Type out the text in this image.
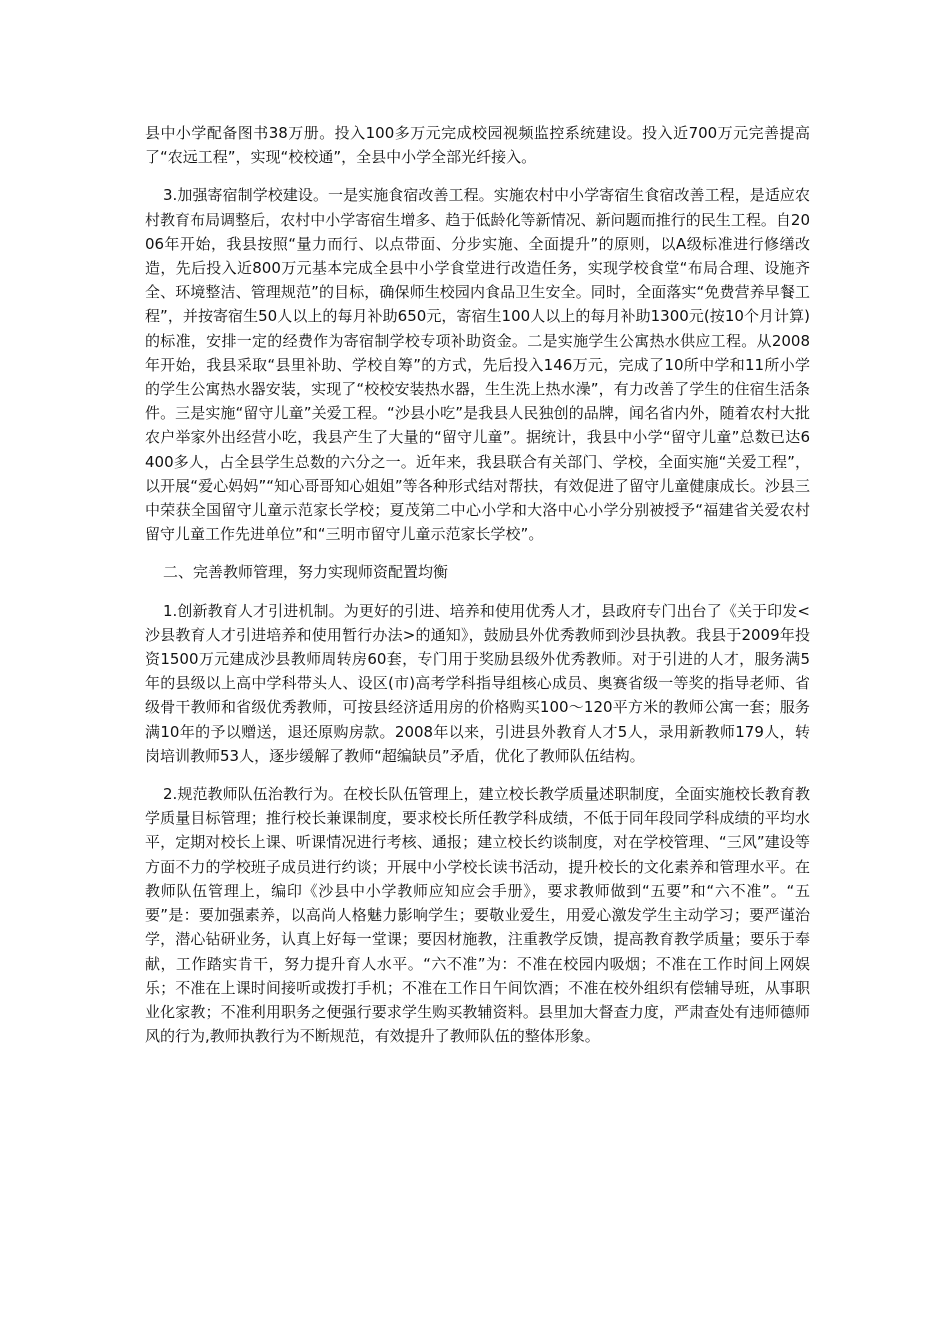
县中小学配备图书38万册。投入100多万元完成校园视频监控系统建设。投入近700万元完善提高了“农远工程”，实现“校校通”，全县中小学全部光纤接入。

3.加强寄宿制学校建设。一是实施食宿改善工程。实施农村中小学寄宿生食宿改善工程，是适应农村教育布局调整后，农村中小学寄宿生增多、趋于低龄化等新情况、新问题而推行的民生工程。自2006年开始，我县按照“量力而行、以点带面、分步实施、全面提升”的原则，以A级标准进行修缮改造，先后投入近800万元基本完成全县中小学食堂进行改造任务，实现学校食堂“布局合理、设施齐全、环境整洁、管理规范”的目标，确保师生校园内食品卫生安全。同时，全面落实“免费营养早餐工程”，并按寄宿生50人以上的每月补助650元，寄宿生100人以上的每月补助1300元(按10个月计算)的标准，安排一定的经费作为寄宿制学校专项补助资金。二是实施学生公寓热水供应工程。从2008年开始，我县采取“县里补助、学校自筹”的方式，先后投入146万元，完成了10所中学和11所小学的学生公寓热水器安装，实现了“校校安装热水器，生生洗上热水澡”，有力改善了学生的住宿生活条件。三是实施“留守儿童”关爱工程。“沙县小吃”是我县人民独创的品牌，闻名省内外，随着农村大批农户举家外出经营小吃，我县产生了大量的“留守儿童”。据统计，我县中小学“留守儿童”总数已达6400多人，占全县学生总数的六分之一。近年来，我县联合有关部门、学校，全面实施“关爱工程”，以开展“爱心妈妈”“知心哥哥知心姐姐”等各种形式结对帮扶，有效促进了留守儿童健康成长。沙县三中荣获全国留守儿童示范家长学校；夏茂第二中心小学和大洛中心小学分别被授予“福建省关爱农村留守儿童工作先进单位”和“三明市留守儿童示范家长学校”。

二、完善教师管理，努力实现师资配置均衡

1.创新教育人才引进机制。为更好的引进、培养和使用优秀人才，县政府专门出台了《关于印发<沙县教育人才引进培养和使用暂行办法>的通知》，鼓励县外优秀教师到沙县执教。我县于2009年投资1500万元建成沙县教师周转房60套，专门用于奖励县级外优秀教师。对于引进的人才，服务满5年的县级以上高中学科带头人、设区(市)高考学科指导组核心成员、奥赛省级一等奖的指导老师、省级骨干教师和省级优秀教师，可按县经济适用房的价格购买100～120平方米的教师公寓一套；服务满10年的予以赠送，退还原购房款。2008年以来，引进县外教育人才5人，录用新教师179人，转岗培训教师53人，逐步缓解了教师“超编缺员”矛盾，优化了教师队伍结构。

2.规范教师队伍治教行为。在校长队伍管理上，建立校长教学质量述职制度，全面实施校长教育教学质量目标管理；推行校长兼课制度，要求校长所任教学科成绩，不低于同年段同学科成绩的平均水平，定期对校长上课、听课情况进行考核、通报；建立校长约谈制度，对在学校管理、“三风”建设等方面不力的学校班子成员进行约谈；开展中小学校长读书活动，提升校长的文化素养和管理水平。在教师队伍管理上，编印《沙县中小学教师应知应会手册》，要求教师做到“五要”和“六不准”。“五要”是：要加强素养，以高尚人格魅力影响学生；要敬业爱生，用爱心激发学生主动学习；要严谨治学，潜心钻研业务，认真上好每一堂课；要因材施教，注重教学反馈，提高教育教学质量；要乐于奉献，工作踏实肯干，努力提升育人水平。“六不准”为：不准在校园内吸烟；不准在工作时间上网娱乐；不准在上课时间接听或拨打手机；不准在工作日午间饮酒；不准在校外组织有偿辅导班，从事职业化家教；不准利用职务之便强行要求学生购买教辅资料。县里加大督查力度，严肃查处有违师德师风的行为,教师执教行为不断规范，有效提升了教师队伍的整体形象。
